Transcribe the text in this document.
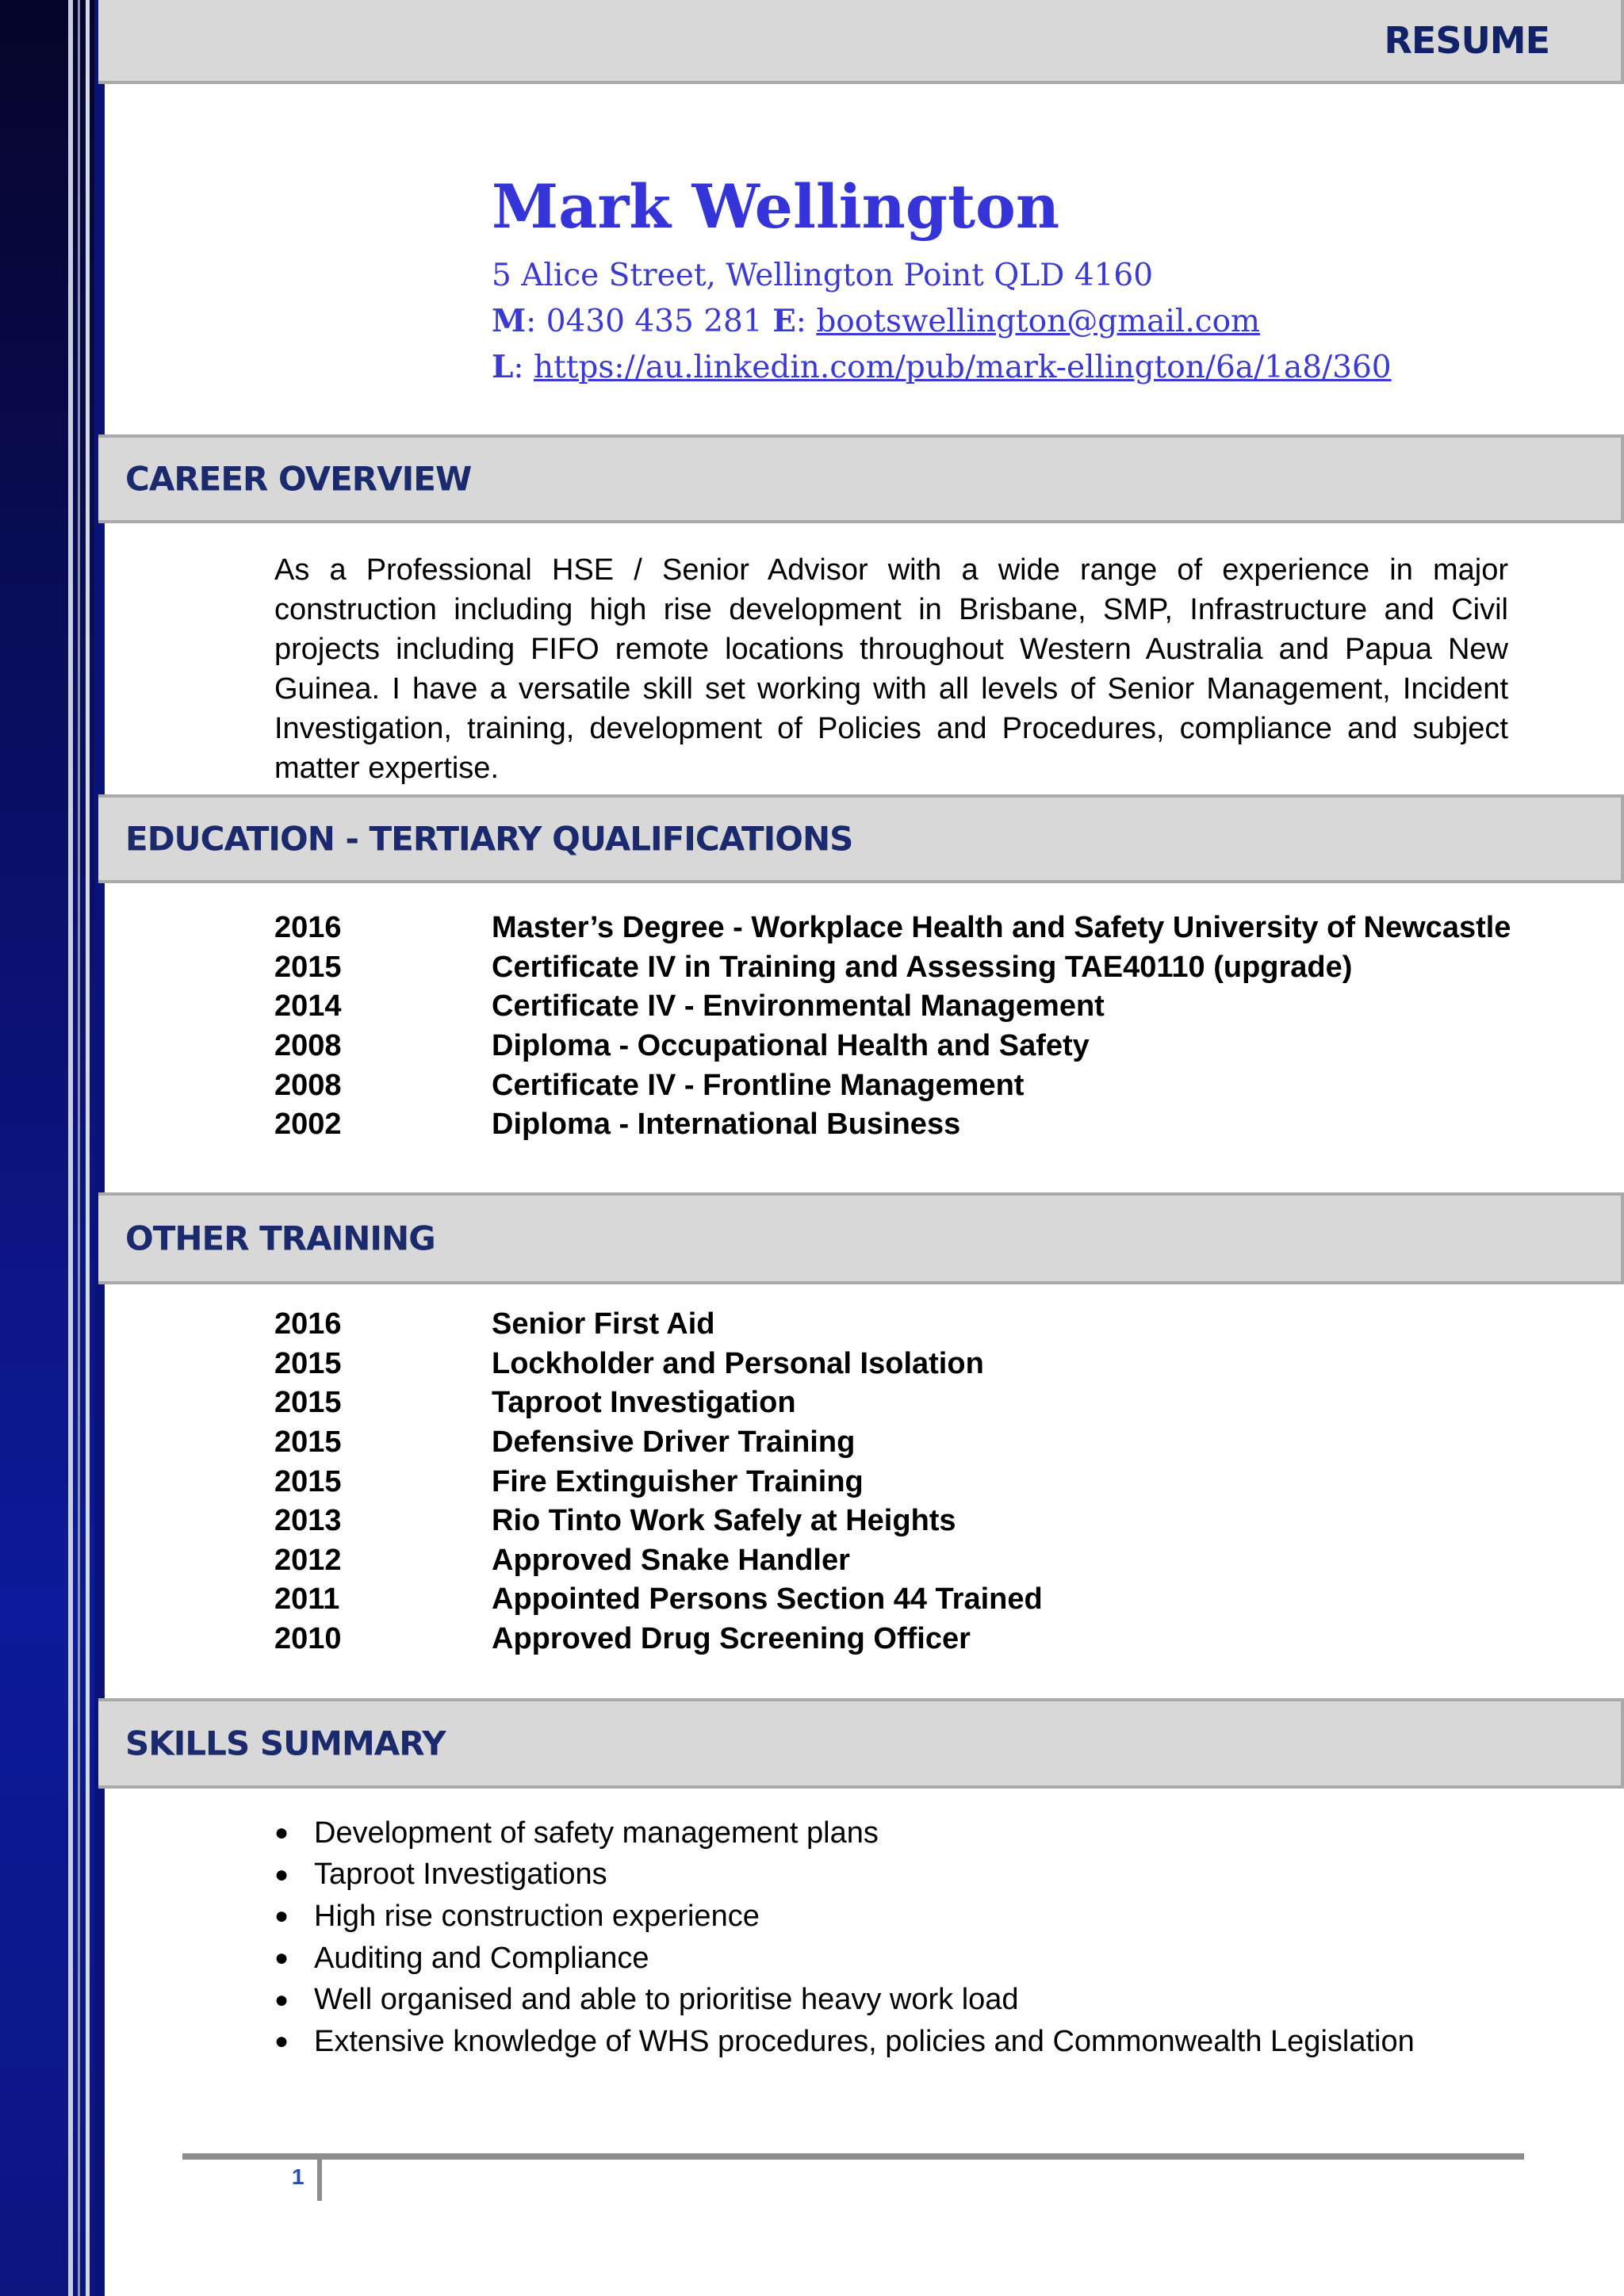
RESUME
Mark Wellington
5 Alice Street, Wellington Point QLD 4160
M: 0430 435 281 E: bootswellington@gmail.com
L: https://au.linkedin.com/pub/mark-ellington/6a/1a8/360
CAREER OVERVIEW

As a Professional HSE / Senior Advisor with a wide range of experience in major construction including high rise development in Brisbane, SMP, Infrastructure and Civil projects including FIFO remote locations throughout Western Australia and Papua New Guinea. I have a versatile skill set working with all levels of Senior Management, Incident Investigation, training, development of Policies and Procedures, compliance and subject matter expertise.

EDUCATION - TERTIARY QUALIFICATIONS
2016	Master’s Degree - Workplace Health and Safety University of Newcastle
2015	Certificate IV in Training and Assessing TAE40110 (upgrade)
2014	Certificate IV - Environmental Management
2008	Diploma - Occupational Health and Safety
2008	Certificate IV - Frontline Management
2002	Diploma - International Business
OTHER TRAINING
2016	Senior First Aid
2015	Lockholder and Personal Isolation
2015	Taproot Investigation
2015	Defensive Driver Training
2015	Fire Extinguisher Training
2013	Rio Tinto Work Safely at Heights
2012	Approved Snake Handler
2011	Appointed Persons Section 44 Trained
2010	Approved Drug Screening Officer
SKILLS SUMMARY
● Development of safety management plans
● Taproot Investigations
● High rise construction experience
● Auditing and Compliance
● Well organised and able to prioritise heavy work load
● Extensive knowledge of WHS procedures, policies and Commonwealth Legislation
1
